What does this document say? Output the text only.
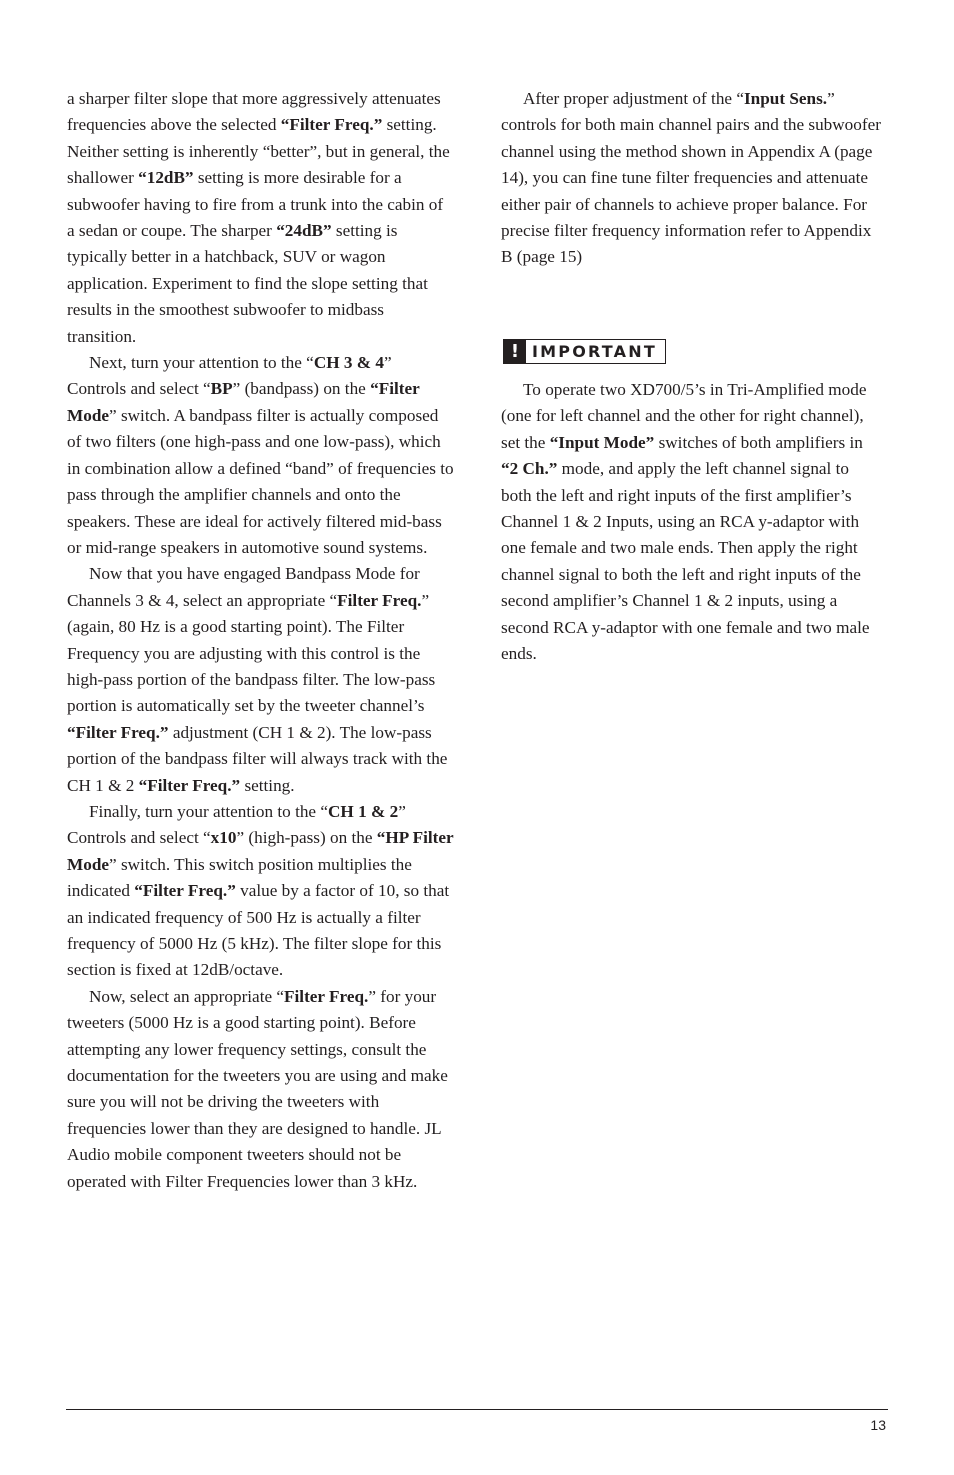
a sharper filter slope that more aggressively attenuates frequencies above the selected “Filter Freq.” setting. Neither setting is inherently “better”, but in general, the shallower “12dB” setting is more desirable for a subwoofer having to fire from a trunk into the cabin of a sedan or coupe. The sharper “24dB” setting is typically better in a hatchback, SUV or wagon application. Experiment to find the slope setting that results in the smoothest subwoofer to midbass transition.

Next, turn your attention to the “CH 3 & 4” Controls and select “BP” (bandpass) on the “Filter Mode” switch. A bandpass filter is actually composed of two filters (one high-pass and one low-pass), which in combination allow a defined “band” of frequencies to pass through the amplifier channels and onto the speakers. These are ideal for actively filtered mid-bass or mid-range speakers in automotive sound systems.

Now that you have engaged Bandpass Mode for Channels 3 & 4, select an appropriate “Filter Freq.” (again, 80 Hz is a good starting point). The Filter Frequency you are adjusting with this control is the high-pass portion of the bandpass filter. The low-pass portion is automatically set by the tweeter channel’s “Filter Freq.” adjustment (CH 1 & 2). The low-pass portion of the bandpass filter will always track with the CH 1 & 2 “Filter Freq.” setting.

Finally, turn your attention to the “CH 1 & 2” Controls and select “x10” (high-pass) on the “HP Filter Mode” switch. This switch position multiplies the indicated “Filter Freq.” value by a factor of 10, so that an indicated frequency of 500 Hz is actually a filter frequency of 5000 Hz (5 kHz). The filter slope for this section is fixed at 12dB/octave.

Now, select an appropriate “Filter Freq.” for your tweeters (5000 Hz is a good starting point). Before attempting any lower frequency settings, consult the documentation for the tweeters you are using and make sure you will not be driving the tweeters with frequencies lower than they are designed to handle. JL Audio mobile component tweeters should not be operated with Filter Frequencies lower than 3 kHz.

After proper adjustment of the “Input Sens.” controls for both main channel pairs and the subwoofer channel using the method shown in Appendix A (page 14), you can fine tune filter frequencies and attenuate either pair of channels to achieve proper balance. For precise filter frequency information refer to Appendix B (page 15)

! IMPORTANT

To operate two XD700/5’s in Tri-Amplified mode (one for left channel and the other for right channel), set the “Input Mode” switches of both amplifiers in “2 Ch.” mode, and apply the left channel signal to both the left and right inputs of the first amplifier’s Channel 1 & 2 Inputs, using an RCA y-adaptor with one female and two male ends. Then apply the right channel signal to both the left and right inputs of the second amplifier’s Channel 1 & 2 inputs, using a second RCA y-adaptor with one female and two male ends.

13
